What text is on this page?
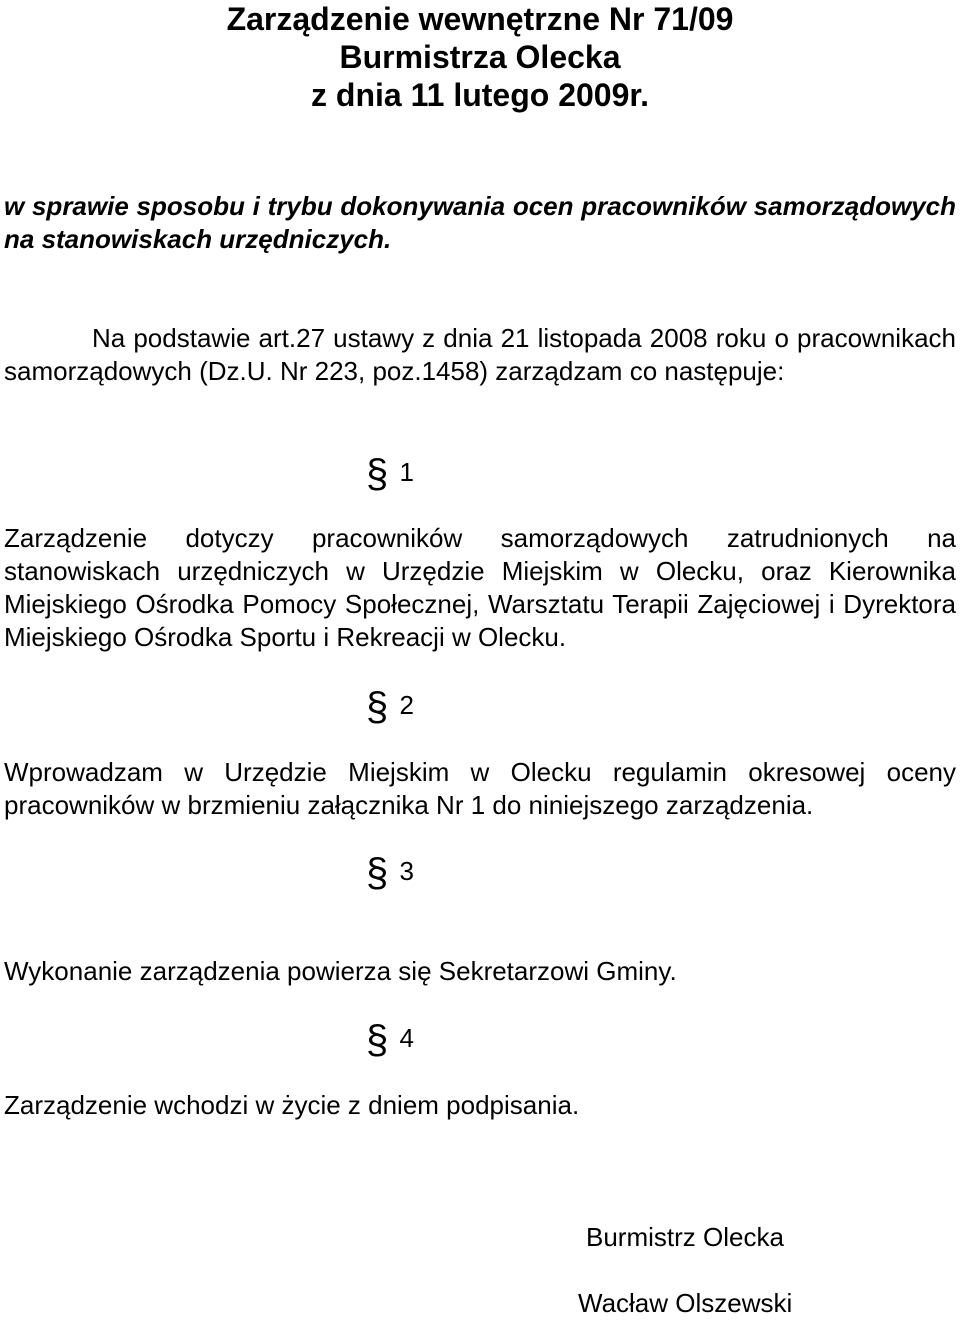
Zarządzenie wewnętrzne Nr 71/09

Burmistrza Olecka

z dnia 11 lutego 2009r.

w sprawie sposobu i trybu dokonywania ocen pracowników samorządowych na stanowiskach urzędniczych.
Na podstawie art.27 ustawy z dnia 21 listopada 2008 roku o pracownikach samorządowych (Dz.U. Nr 223, poz.1458) zarządzam co następuje:
§ 1
Zarządzenie dotyczy pracowników samorządowych zatrudnionych na stanowiskach urzędniczych w Urzędzie Miejskim w Olecku, oraz Kierownika Miejskiego Ośrodka Pomocy Społecznej, Warsztatu Terapii Zajęciowej i Dyrektora Miejskiego Ośrodka Sportu i Rekreacji w Olecku.
§ 2
Wprowadzam w Urzędzie Miejskim w Olecku regulamin okresowej oceny pracowników w brzmieniu załącznika Nr 1 do niniejszego zarządzenia.
§ 3
Wykonanie zarządzenia powierza się Sekretarzowi Gminy.
§ 4
Zarządzenie wchodzi w życie z dniem podpisania.
Burmistrz Olecka
Wacław Olszewski
